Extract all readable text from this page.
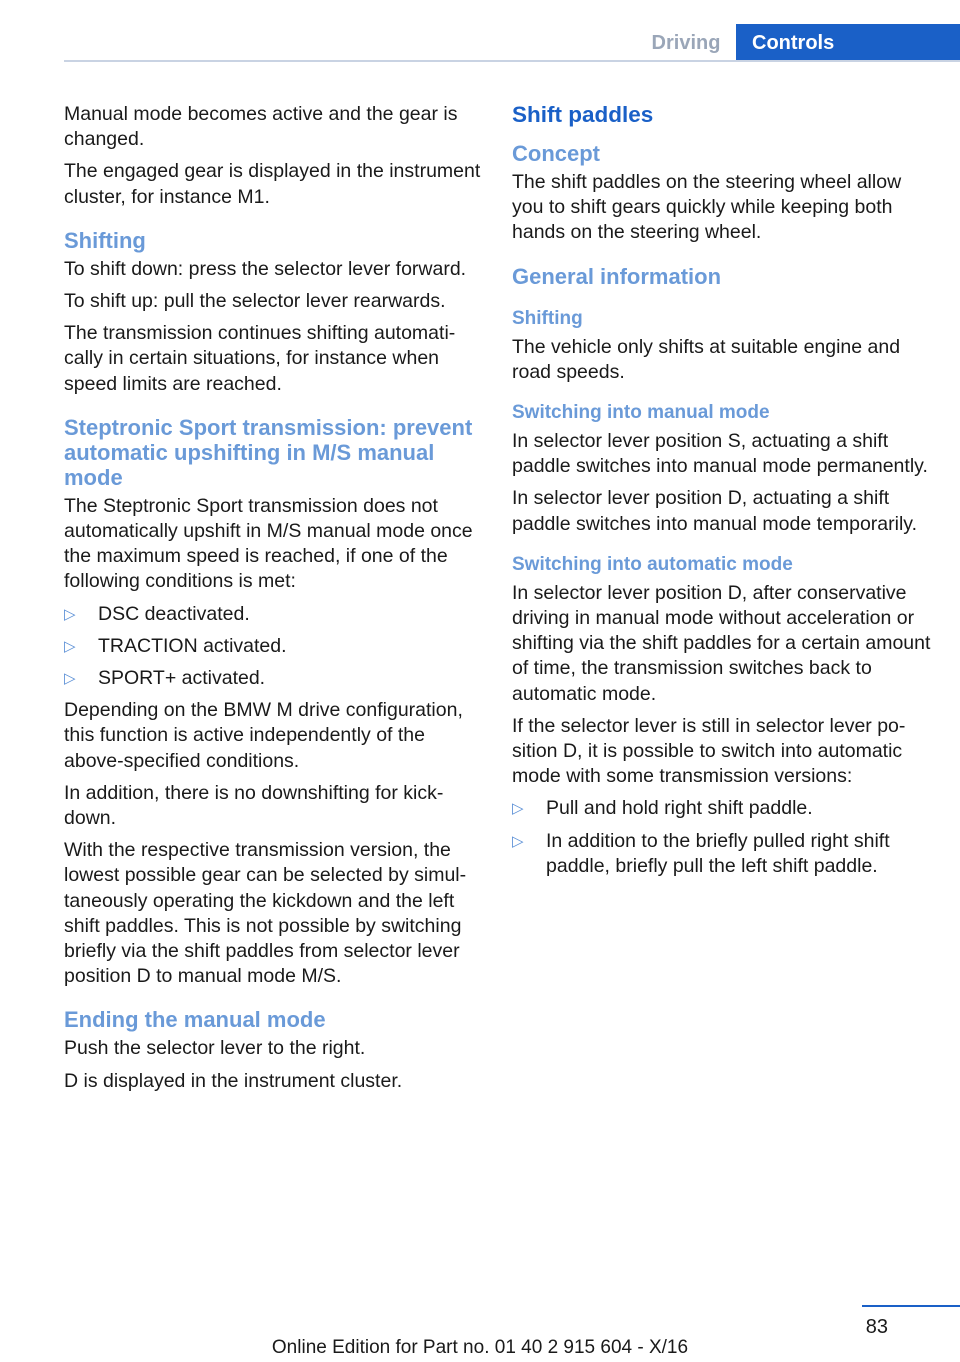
Driving	Controls

Manual mode becomes active and the gear is changed.

The engaged gear is displayed in the instrument cluster, for instance M1.

Shifting

To shift down: press the selector lever forward.

To shift up: pull the selector lever rearwards.

The transmission continues shifting automatically in certain situations, for instance when speed limits are reached.

Steptronic Sport transmission: prevent automatic upshifting in M/S manual mode

The Steptronic Sport transmission does not automatically upshift in M/S manual mode once the maximum speed is reached, if one of the following conditions is met:

▷	DSC deactivated.
▷	TRACTION activated.
▷	SPORT+ activated.

Depending on the BMW M drive configuration, this function is active independently of the above-specified conditions.

In addition, there is no downshifting for kickdown.

With the respective transmission version, the lowest possible gear can be selected by simultaneously operating the kickdown and the left shift paddles. This is not possible by switching briefly via the shift paddles from selector lever position D to manual mode M/S.

Ending the manual mode

Push the selector lever to the right.

D is displayed in the instrument cluster.

Shift paddles
Concept

The shift paddles on the steering wheel allow you to shift gears quickly while keeping both hands on the steering wheel.

General information
Shifting

The vehicle only shifts at suitable engine and road speeds.

Switching into manual mode

In selector lever position S, actuating a shift paddle switches into manual mode permanently.

In selector lever position D, actuating a shift paddle switches into manual mode temporarily.

Switching into automatic mode

In selector lever position D, after conservative driving in manual mode without acceleration or shifting via the shift paddles for a certain amount of time, the transmission switches back to automatic mode.

If the selector lever is still in selector lever position D, it is possible to switch into automatic mode with some transmission versions:

▷	Pull and hold right shift paddle.
▷	In addition to the briefly pulled right shift paddle, briefly pull the left shift paddle.
83
Online Edition for Part no. 01 40 2 915 604 - X/16
